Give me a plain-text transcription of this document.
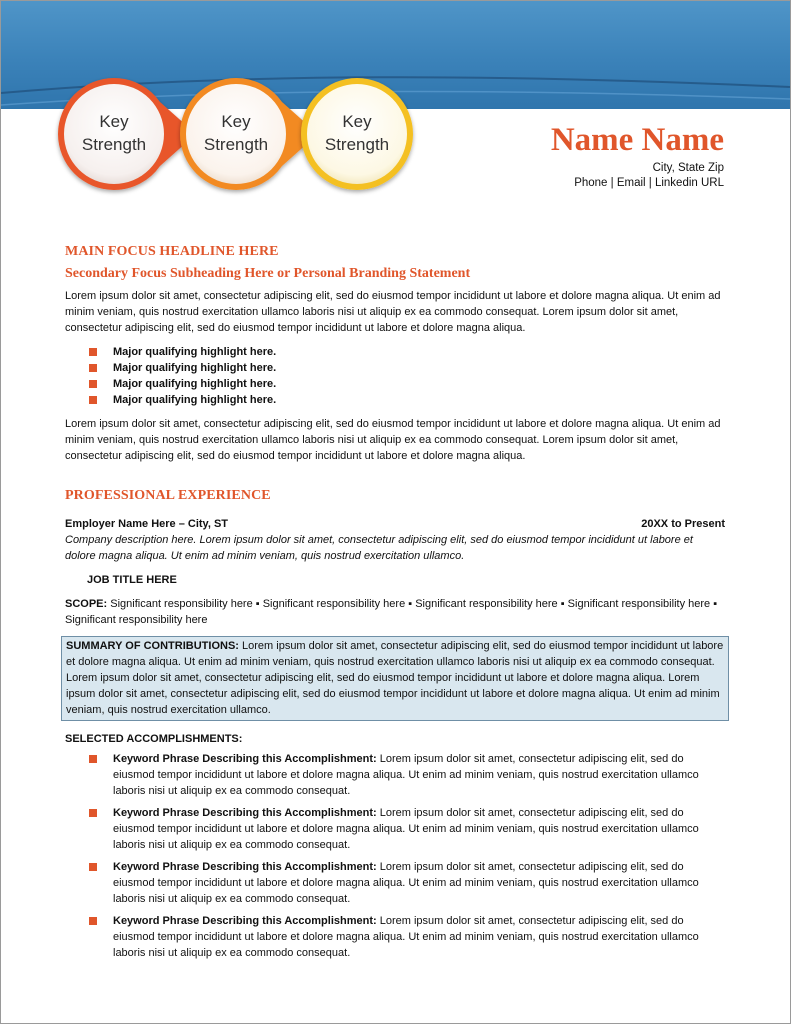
Key
Strength
Key
Strength
Key
Strength	Name Name
City, State Zip
Phone | Email | Linkedin URL
MAIN FOCUS HEADLINE HERE
Secondary Focus Subheading Here or Personal Branding Statement

Lorem ipsum dolor sit amet, consectetur adipiscing elit, sed do eiusmod tempor incididunt ut labore et dolore magna aliqua. Ut enim ad minim veniam, quis nostrud exercitation ullamco laboris nisi ut aliquip ex ea commodo consequat. Lorem ipsum dolor sit amet, consectetur adipiscing elit, sed do eiusmod tempor incididunt ut labore et dolore magna aliqua.

Major qualifying highlight here.
Major qualifying highlight here.
Major qualifying highlight here.
Major qualifying highlight here.

Lorem ipsum dolor sit amet, consectetur adipiscing elit, sed do eiusmod tempor incididunt ut labore et dolore magna aliqua. Ut enim ad minim veniam, quis nostrud exercitation ullamco laboris nisi ut aliquip ex ea commodo consequat. Lorem ipsum dolor sit amet, consectetur adipiscing elit, sed do eiusmod tempor incididunt ut labore et dolore magna aliqua.

PROFESSIONAL EXPERIENCE
Employer Name Here – City, ST	20XX to Present

Company description here. Lorem ipsum dolor sit amet, consectetur adipiscing elit, sed do eiusmod tempor incididunt ut labore et dolore magna aliqua. Ut enim ad minim veniam, quis nostrud exercitation ullamco.

JOB TITLE HERE

SCOPE: Significant responsibility here ▪ Significant responsibility here ▪ Significant responsibility here ▪ Significant responsibility here ▪ Significant responsibility here

SUMMARY OF CONTRIBUTIONS: Lorem ipsum dolor sit amet, consectetur adipiscing elit, sed do eiusmod tempor incididunt ut labore et dolore magna aliqua. Ut enim ad minim veniam, quis nostrud exercitation ullamco laboris nisi ut aliquip ex ea commodo consequat. Lorem ipsum dolor sit amet, consectetur adipiscing elit, sed do eiusmod tempor incididunt ut labore et dolore magna aliqua. Lorem ipsum dolor sit amet, consectetur adipiscing elit, sed do eiusmod tempor incididunt ut labore et dolore magna aliqua. Ut enim ad minim veniam, quis nostrud exercitation ullamco.

SELECTED ACCOMPLISHMENTS:

Keyword Phrase Describing this Accomplishment: Lorem ipsum dolor sit amet, consectetur adipiscing elit, sed do eiusmod tempor incididunt ut labore et dolore magna aliqua. Ut enim ad minim veniam, quis nostrud exercitation ullamco laboris nisi ut aliquip ex ea commodo consequat.
Keyword Phrase Describing this Accomplishment: Lorem ipsum dolor sit amet, consectetur adipiscing elit, sed do eiusmod tempor incididunt ut labore et dolore magna aliqua. Ut enim ad minim veniam, quis nostrud exercitation ullamco laboris nisi ut aliquip ex ea commodo consequat.
Keyword Phrase Describing this Accomplishment: Lorem ipsum dolor sit amet, consectetur adipiscing elit, sed do eiusmod tempor incididunt ut labore et dolore magna aliqua. Ut enim ad minim veniam, quis nostrud exercitation ullamco laboris nisi ut aliquip ex ea commodo consequat.
Keyword Phrase Describing this Accomplishment: Lorem ipsum dolor sit amet, consectetur adipiscing elit, sed do eiusmod tempor incididunt ut labore et dolore magna aliqua. Ut enim ad minim veniam, quis nostrud exercitation ullamco laboris nisi ut aliquip ex ea commodo consequat.
